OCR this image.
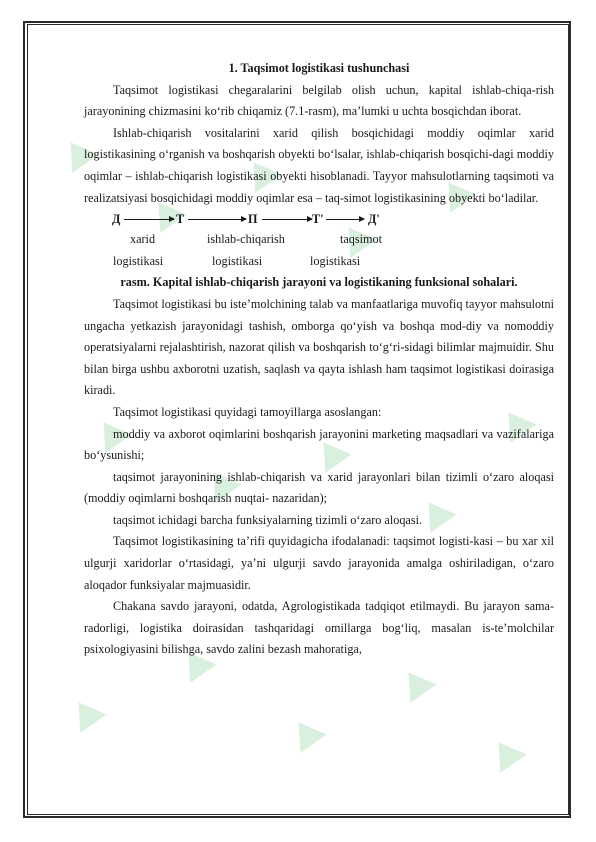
1. Taqsimot logistikasi tushunchasi

Taqsimot logistikasi chegaralarini belgilab olish uchun, kapital ishlab-chiqa-rish jarayonining chizmasini ko‘rib chiqamiz (7.1-rasm), ma’lumki u uchta bosqichdan iborat.

Ishlab-chiqarish vositalarini xarid qilish bosqichidagi moddiy oqimlar xarid logistikasining o‘rganish va boshqarish obyekti bo‘lsalar, ishlab-chiqarish bosqichi-dagi moddiy oqimlar – ishlab-chiqarish logistikasi obyekti hisoblanadi. Tayyor mahsulotlarning taqsimoti va realizatsiyasi bosqichidagi moddiy oqimlar esa – taq-simot logistikasining obyekti bo‘ladilar.

Д	Т	П	Т'	Д'
xarid	ishlab-chiqarish	taqsimot
logistikasi	logistikasi	logistikasi

rasm. Kapital ishlab-chiqarish jarayoni va logistikaning funksional sohalari.

Taqsimot logistikasi bu iste’molchining talab va manfaatlariga muvofiq tayyor mahsulotni ungacha yetkazish jarayonidagi tashish, omborga qo‘yish va boshqa mod-diy va nomoddiy operatsiyalarni rejalashtirish, nazorat qilish va boshqarish to‘g‘ri-sidagi bilimlar majmuidir. Shu bilan birga ushbu axborotni uzatish, saqlash va qayta ishlash ham taqsimot logistikasi doirasiga kiradi.

Taqsimot logistikasi quyidagi tamoyillarga asoslangan:

moddiy va axborot oqimlarini boshqarish jarayonini marketing maqsadlari va vazifalariga bo‘ysunishi;

taqsimot jarayonining ishlab-chiqarish va xarid jarayonlari bilan tizimli o‘zaro aloqasi (moddiy oqimlarni boshqarish nuqtai- nazaridan);

taqsimot ichidagi barcha funksiyalarning tizimli o‘zaro aloqasi.

Taqsimot logistikasining ta’rifi quyidagicha ifodalanadi: taqsimot logisti-kasi – bu xar xil ulgurji xaridorlar o‘rtasidagi, ya’ni ulgurji savdo jarayonida amalga oshiriladigan, o‘zaro aloqador funksiyalar majmuasidir.

Chakana savdo jarayoni, odatda, Agrologistikada tadqiqot etilmaydi. Bu jarayon sama-radorligi, logistika doirasidan tashqaridagi omillarga bog‘liq, masalan is-te’molchilar psixologiyasini bilishga, savdo zalini bezash mahoratiga,
